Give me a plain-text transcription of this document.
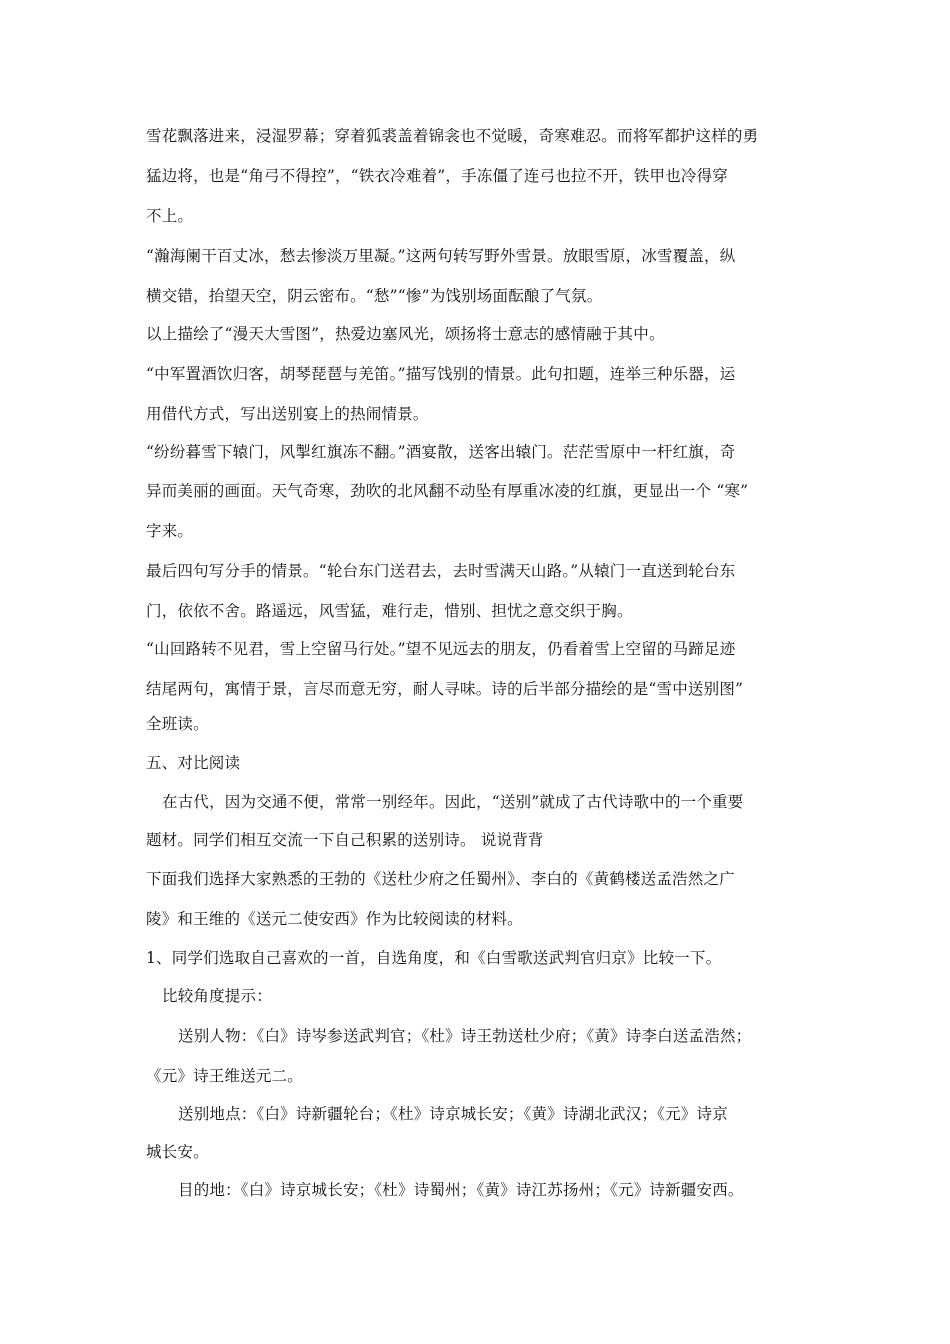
雪花飘落进来，浸湿罗幕；穿着狐裘盖着锦衾也不觉暖，奇寒难忍。而将军都护这样的勇
猛边将，也是“角弓不得控”，“铁衣冷难着”，手冻僵了连弓也拉不开，铁甲也冷得穿
不上。
“瀚海阑干百丈冰，愁去惨淡万里凝。”这两句转写野外雪景。放眼雪原，冰雪覆盖，纵
横交错，抬望天空，阴云密布。“愁”“惨”为饯别场面酝酿了气氛。
以上描绘了“漫天大雪图”，热爱边塞风光，颂扬将士意志的感情融于其中。
“中军置酒饮归客，胡琴琵琶与羌笛。”描写饯别的情景。此句扣题，连举三种乐器，运
用借代方式，写出送别宴上的热闹情景。
“纷纷暮雪下辕门，风掣红旗冻不翻。”酒宴散，送客出辕门。茫茫雪原中一杆红旗，奇
异而美丽的画面。天气奇寒，劲吹的北风翻不动坠有厚重冰凌的红旗，更显出一个 “寒”
字来。
最后四句写分手的情景。“轮台东门送君去，去时雪满天山路。”从辕门一直送到轮台东
门，依依不舍。路遥远，风雪猛，难行走，惜别、担忧之意交织于胸。
“山回路转不见君，雪上空留马行处。”望不见远去的朋友，仍看着雪上空留的马蹄足迹
结尾两句，寓情于景，言尽而意无穷，耐人寻味。诗的后半部分描绘的是“雪中送别图”
全班读。
五、对比阅读
在古代，因为交通不便，常常一别经年。因此，“送别”就成了古代诗歌中的一个重要
题材。同学们相互交流一下自己积累的送别诗。 说说背背
下面我们选择大家熟悉的王勃的《送杜少府之任蜀州》、李白的《黄鹤楼送孟浩然之广
陵》和王维的《送元二使安西》作为比较阅读的材料。
1、同学们选取自己喜欢的一首，自选角度，和《白雪歌送武判官归京》比较一下。
比较角度提示：
送别人物：《白》诗岑参送武判官；《杜》诗王勃送杜少府；《黄》诗李白送孟浩然；
《元》诗王维送元二。
送别地点：《白》诗新疆轮台；《杜》诗京城长安；《黄》诗湖北武汉；《元》诗京
城长安。
目的地：《白》诗京城长安；《杜》诗蜀州；《黄》诗江苏扬州；《元》诗新疆安西。
